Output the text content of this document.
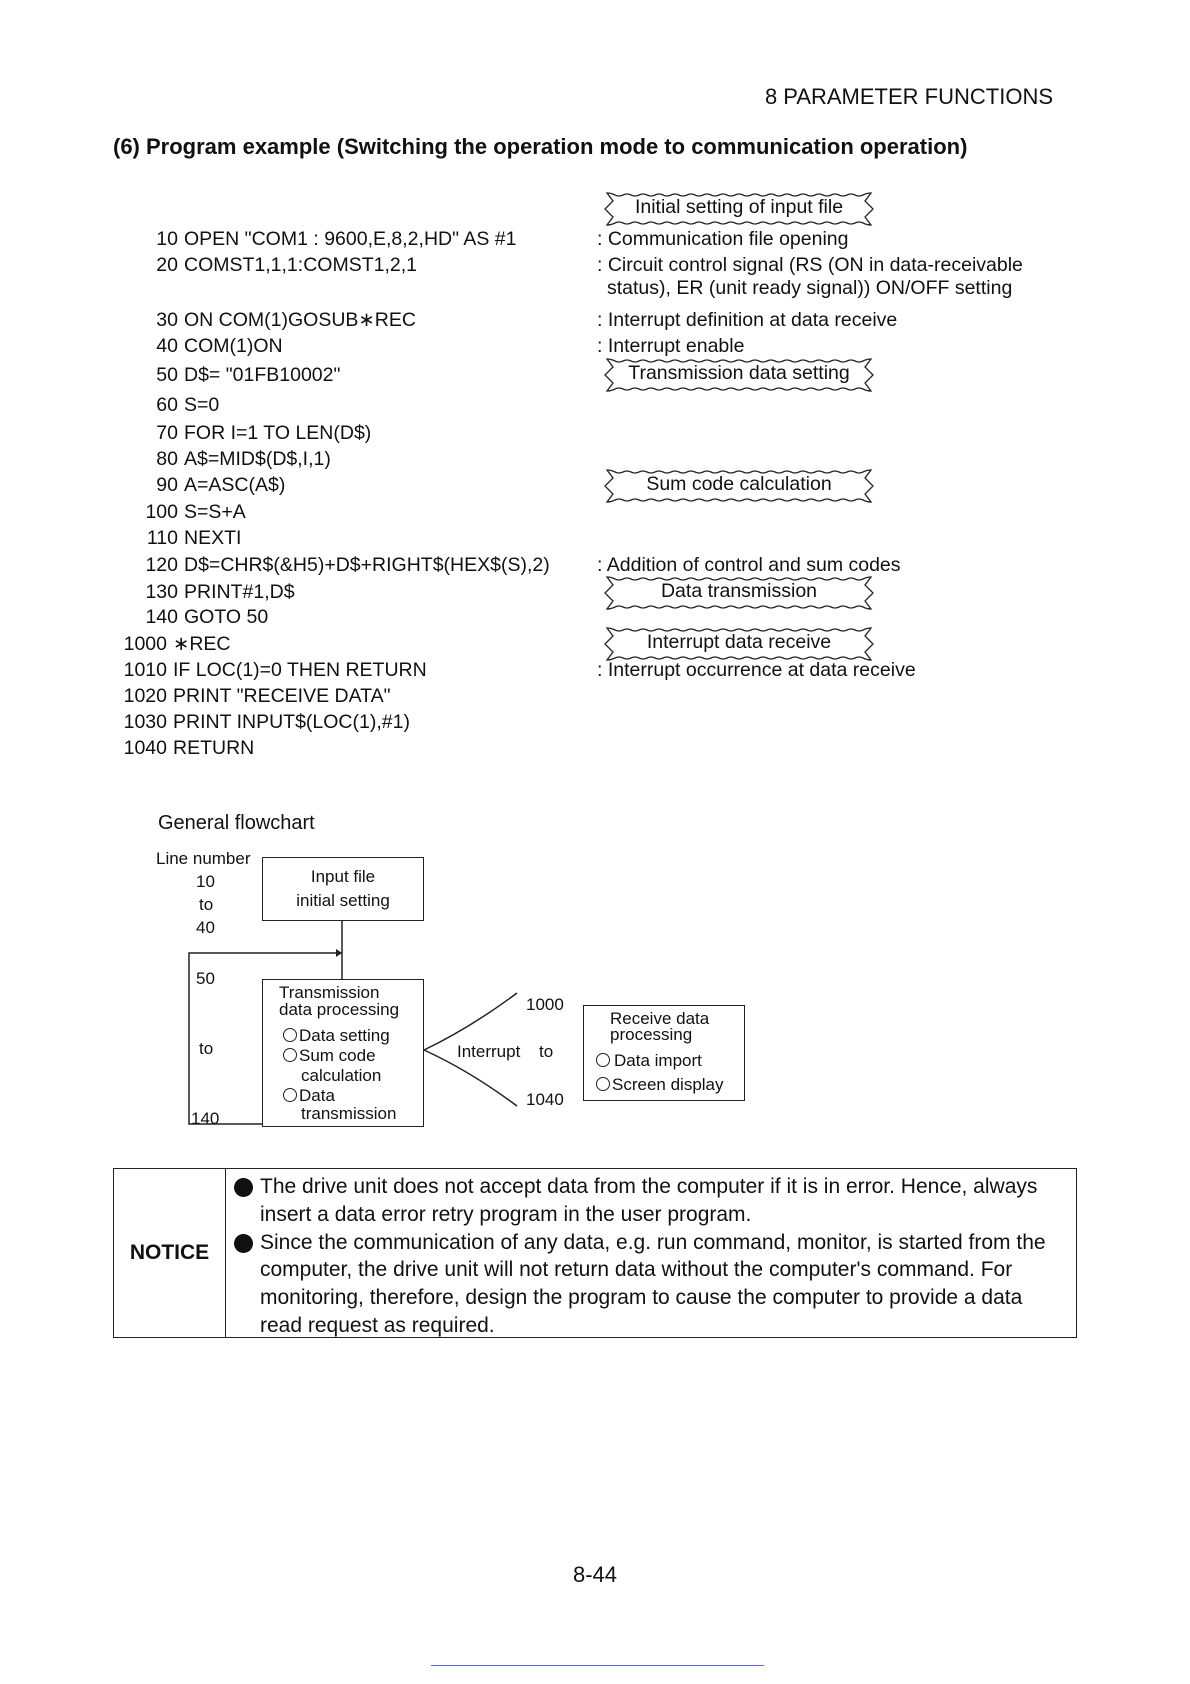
8 PARAMETER FUNCTIONS
(6) Program example (Switching the operation mode to communication operation)
10 OPEN "COM1 : 9600,E,8,2,HD" AS #1
20 COMST1,1,1:COMST1,2,1
30 ON COM(1)GOSUB∗REC
40 COM(1)ON
50 D$= "01FB10002"
60 S=0
70 FOR I=1 TO LEN(D$)
80 A$=MID$(D$,I,1)
90 A=ASC(A$)
100 S=S+A
110 NEXTI
120 D$=CHR$(&H5)+D$+RIGHT$(HEX$(S),2)
130 PRINT#1,D$
140 GOTO 50
1000 ∗REC
1010 IF LOC(1)=0 THEN RETURN
1020 PRINT "RECEIVE DATA"
1030 PRINT INPUT$(LOC(1),#1)
1040 RETURN
: Communication file opening
: Circuit control signal (RS (ON in data-receivable
status), ER (unit ready signal)) ON/OFF setting
: Interrupt definition at data receive
: Interrupt enable
: Addition of control and sum codes
: Interrupt occurrence at data receive
Initial setting of input file
Transmission data setting
Sum code calculation
Data transmission
Interrupt data receive
General flowchart
Line number
10
to
40
50
to
140
Input file
initial setting
Transmission
data processing
Data setting
Sum code
calculation
Data
transmission
Interrupt to
1000
1040
Receive data
processing
Data import
Screen display
NOTICE
The drive unit does not accept data from the computer if it is in error. Hence, always insert a data error retry program in the user program.
Since the communication of any data, e.g. run command, monitor, is started from the computer, the drive unit will not return data without the computer's command. For monitoring, therefore, design the program to cause the computer to provide a data read request as required.
8-44
